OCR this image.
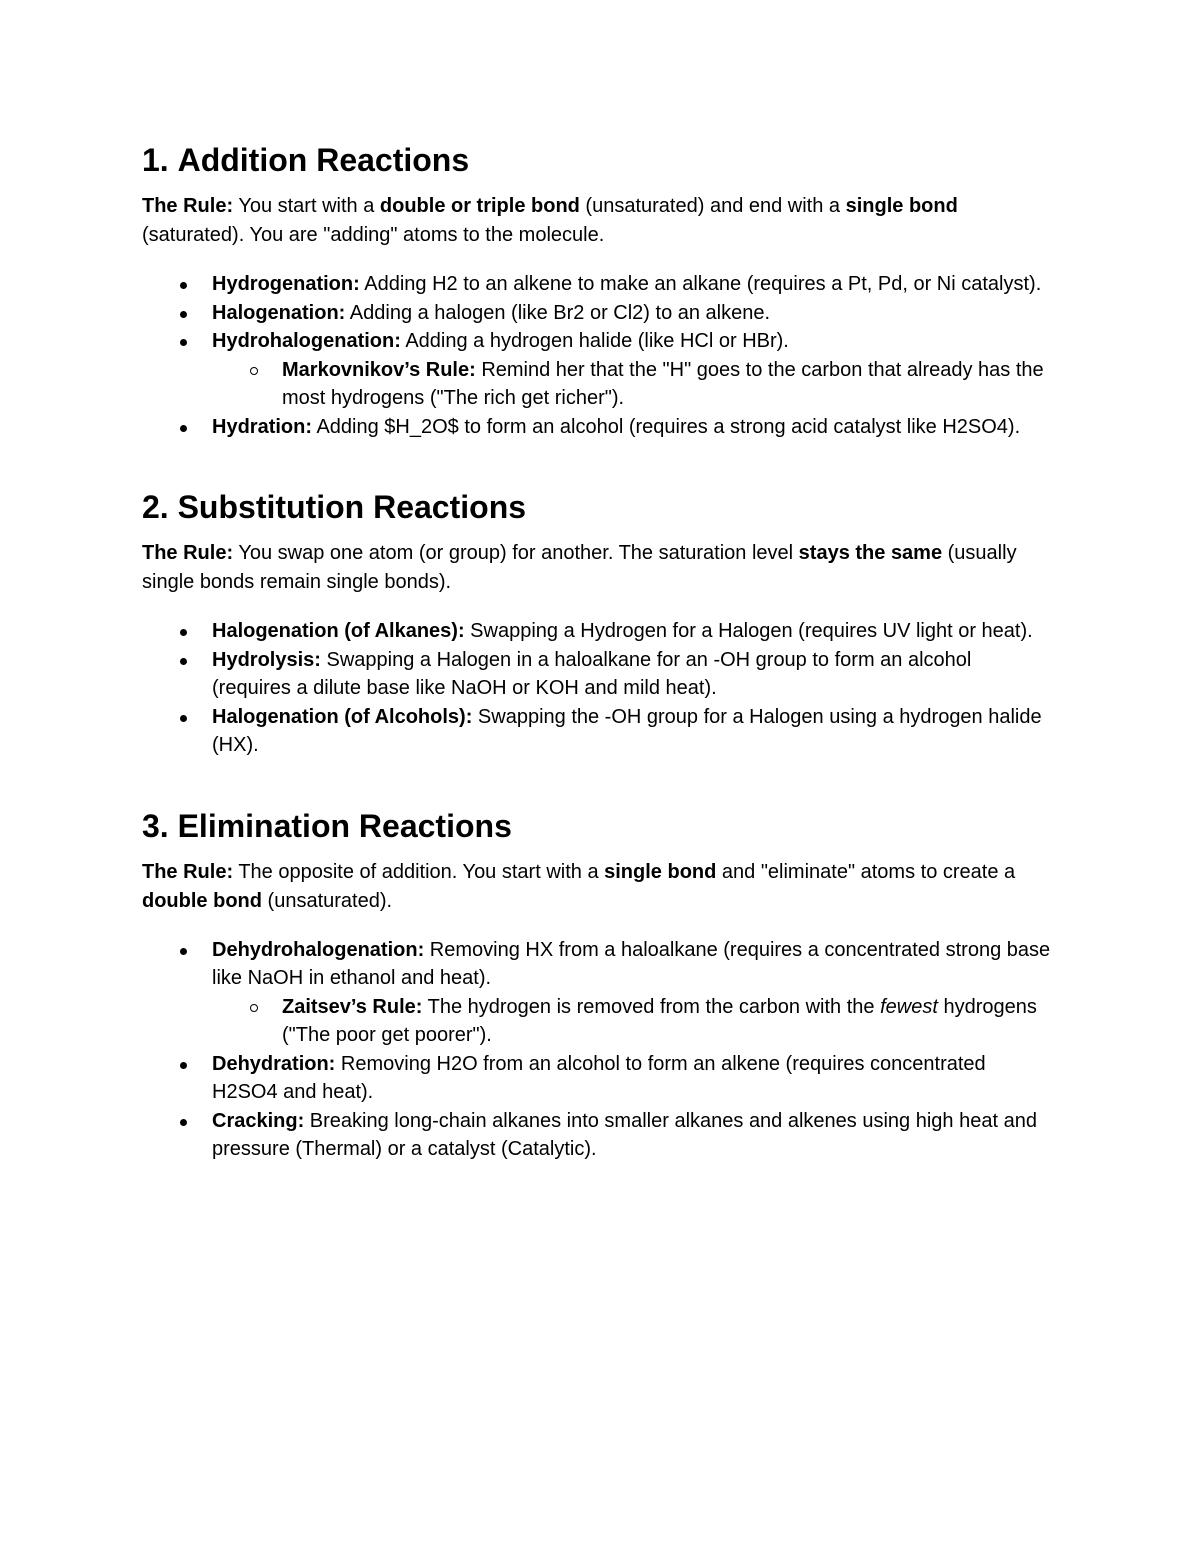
1. Addition Reactions

The Rule: You start with a double or triple bond (unsaturated) and end with a single bond (saturated). You are "adding" atoms to the molecule.

Hydrogenation: Adding H2 to an alkene to make an alkane (requires a Pt, Pd, or Ni catalyst).
Halogenation: Adding a halogen (like Br2 or Cl2) to an alkene.
Hydrohalogenation: Adding a hydrogen halide (like HCl or HBr).
Markovnikov’s Rule: Remind her that the "H" goes to the carbon that already has the most hydrogens ("The rich get richer").
Hydration: Adding $H_2O$ to form an alcohol (requires a strong acid catalyst like H2SO4).
2. Substitution Reactions

The Rule: You swap one atom (or group) for another. The saturation level stays the same (usually single bonds remain single bonds).

Halogenation (of Alkanes): Swapping a Hydrogen for a Halogen (requires UV light or heat).
Hydrolysis: Swapping a Halogen in a haloalkane for an -OH group to form an alcohol (requires a dilute base like NaOH or KOH and mild heat).
Halogenation (of Alcohols): Swapping the -OH group for a Halogen using a hydrogen halide (HX).
3. Elimination Reactions

The Rule: The opposite of addition. You start with a single bond and "eliminate" atoms to create a double bond (unsaturated).

Dehydrohalogenation: Removing HX from a haloalkane (requires a concentrated strong base like NaOH in ethanol and heat).
Zaitsev’s Rule: The hydrogen is removed from the carbon with the fewest hydrogens ("The poor get poorer").
Dehydration: Removing H2O from an alcohol to form an alkene (requires concentrated H2SO4 and heat).
Cracking: Breaking long-chain alkanes into smaller alkanes and alkenes using high heat and pressure (Thermal) or a catalyst (Catalytic).
